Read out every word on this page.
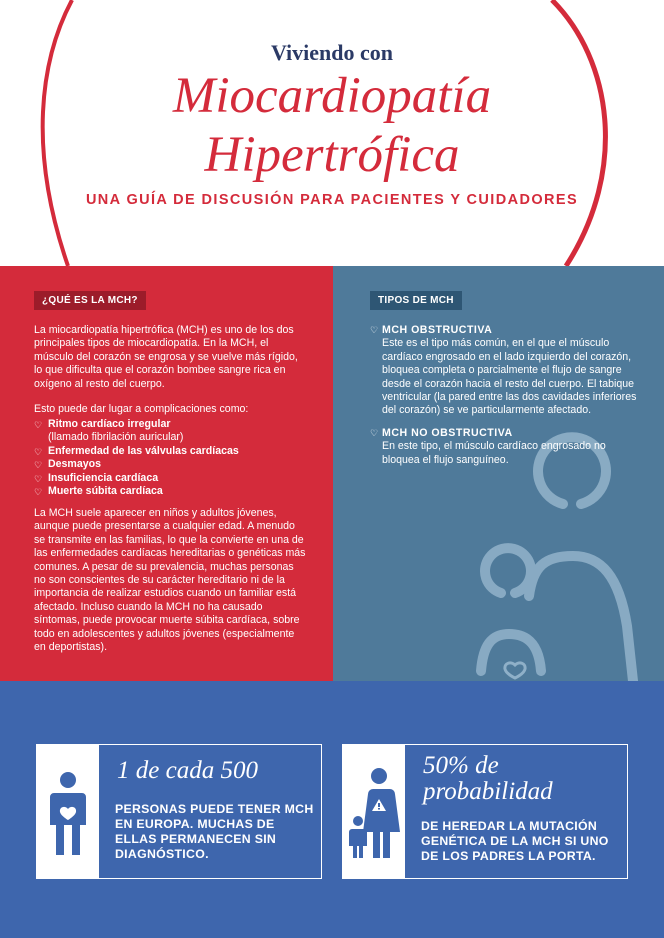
Viviendo con
Miocardiopatía
Hipertrófica
UNA GUÍA DE DISCUSIÓN PARA PACIENTES Y CUIDADORES
¿QUÉ ES LA MCH?
La miocardiopatía hipertrófica (MCH) es uno de los dos principales tipos de miocardiopatía. En la MCH, el músculo del corazón se engrosa y se vuelve más rígido, lo que dificulta que el corazón bombee sangre rica en oxígeno al resto del cuerpo.
Esto puede dar lugar a complicaciones como:
♡ Ritmo cardíaco irregular
(llamado fibrilación auricular)
♡ Enfermedad de las válvulas cardíacas
♡ Desmayos
♡ Insuficiencia cardíaca
♡ Muerte súbita cardíaca
La MCH suele aparecer en niños y adultos jóvenes, aunque puede presentarse a cualquier edad. A menudo se transmite en las familias, lo que la convierte en una de las enfermedades cardíacas hereditarias o genéticas más comunes. A pesar de su prevalencia, muchas personas no son conscientes de su carácter hereditario ni de la importancia de realizar estudios cuando un familiar está afectado. Incluso cuando la MCH no ha causado síntomas, puede provocar muerte súbita cardíaca, sobre todo en adolescentes y adultos jóvenes (especialmente en deportistas).
TIPOS DE MCH
♡ MCH OBSTRUCTIVA
Este es el tipo más común, en el que el músculo cardíaco engrosado en el lado izquierdo del corazón, bloquea completa o parcialmente el flujo de sangre desde el corazón hacia el resto del cuerpo. El tabique ventricular (la pared entre las dos cavidades inferiores del corazón) se ve particularmente afectado.
♡ MCH NO OBSTRUCTIVA
En este tipo, el músculo cardíaco engrosado no bloquea el flujo sanguíneo.
1 de cada 500
PERSONAS PUEDE TENER MCH EN EUROPA. MUCHAS DE ELLAS PERMANECEN SIN DIAGNÓSTICO.
50% de probabilidad
DE HEREDAR LA MUTACIÓN GENÉTICA DE LA MCH SI UNO DE LOS PADRES LA PORTA.
